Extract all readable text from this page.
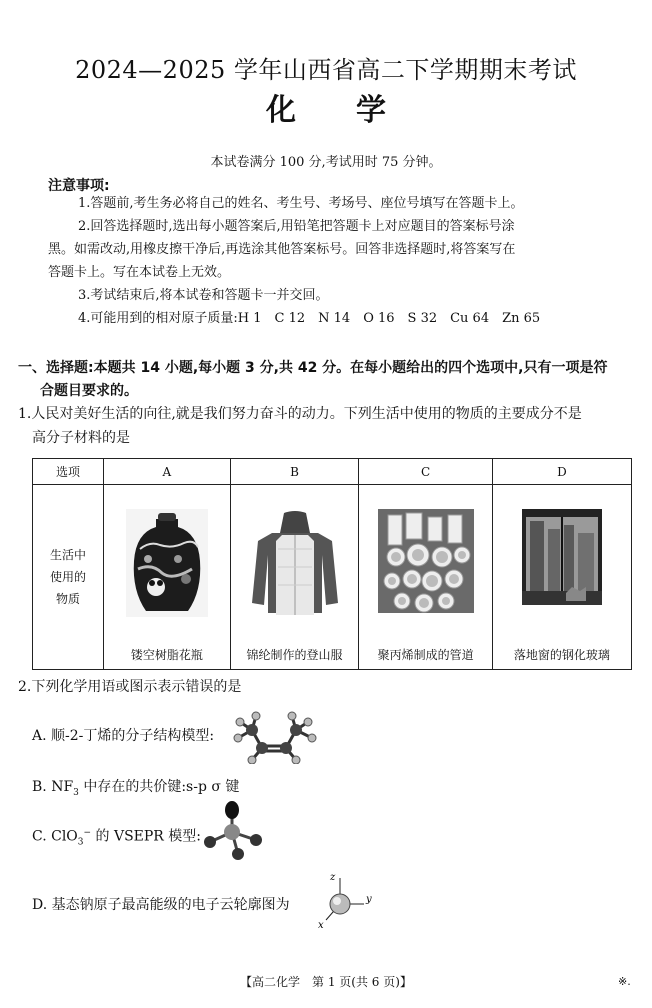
2024—2025 学年山西省高二下学期期末考试
化学
本试卷满分 100 分,考试用时 75 分钟。
注意事项:
1.答题前,考生务必将自己的姓名、考生号、考场号、座位号填写在答题卡上。
2.回答选择题时,选出每小题答案后,用铅笔把答题卡上对应题目的答案标号涂
黑。如需改动,用橡皮擦干净后,再选涂其他答案标号。回答非选择题时,将答案写在
答题卡上。写在本试卷上无效。
3.考试结束后,将本试卷和答题卡一并交回。
4.可能用到的相对原子质量:H 1　C 12　N 14　O 16　S 32　Cu 64　Zn 65
一、选择题:本题共 14 小题,每小题 3 分,共 42 分。在每小题给出的四个选项中,只有一项是符
合题目要求的。
1.人民对美好生活的向往,就是我们努力奋斗的动力。下列生活中使用的物质的主要成分不是
高分子材料的是
选项	A	B	C	D

生活中
使用的
物质	镂空树脂花瓶	锦纶制作的登山服	聚丙烯制成的管道	落地窗的钢化玻璃
2.下列化学用语或图示表示错误的是
A. 顺-2-丁烯的分子结构模型:
B. $NF_3$ 中存在的共价键:s-p σ 键
C. ClO$_3$− 的 VSEPR 模型:
D. 基态钠原子最高能级的电子云轮廓图为
z
y
x
【高二化学　第 1 页(共 6 页)】	※.
